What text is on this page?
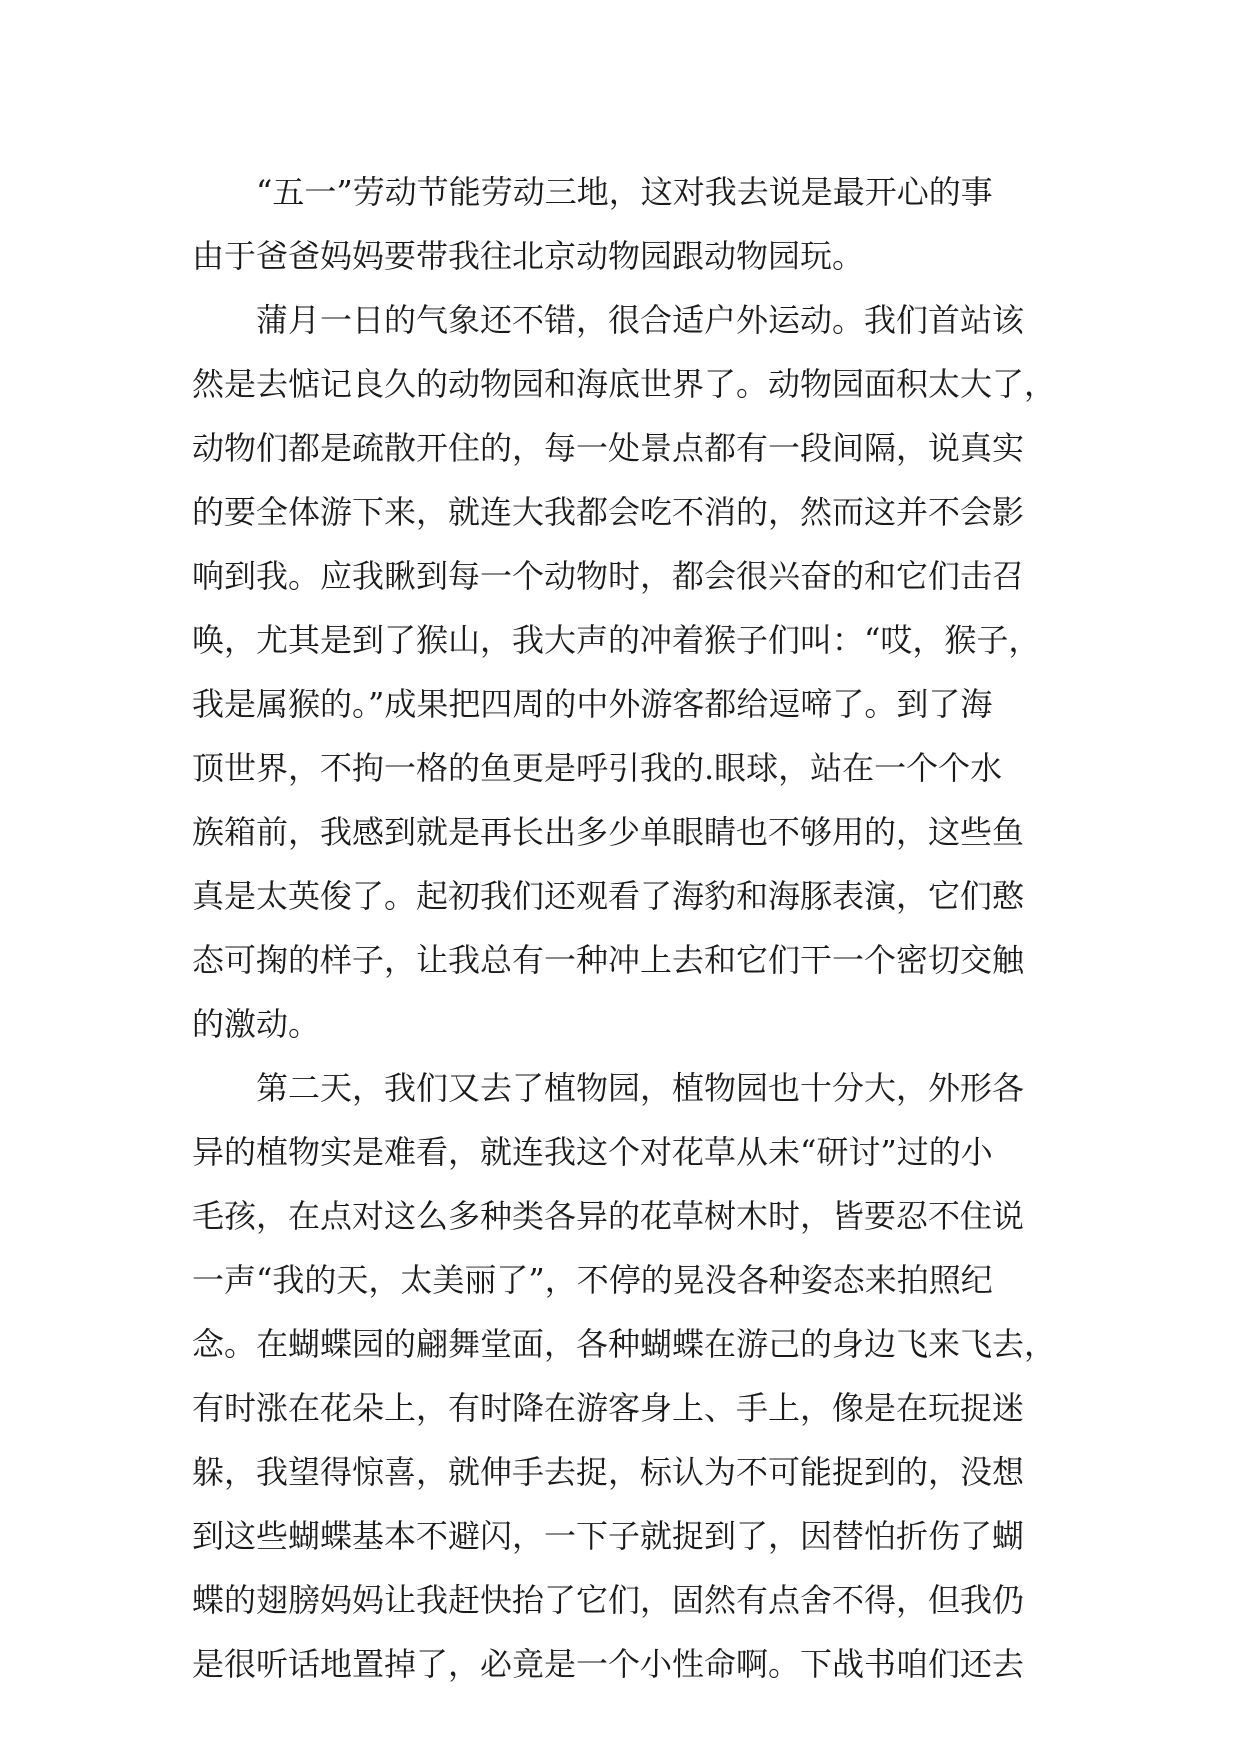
“五一”劳动节能劳动三地，这对我去说是最开心的事
由于爸爸妈妈要带我往北京动物园跟动物园玩。
蒲月一日的气象还不错，很合适户外运动。我们首站该
然是去惦记良久的动物园和海底世界了。动物园面积太大了，
动物们都是疏散开住的，每一处景点都有一段间隔，说真实
的要全体游下来，就连大我都会吃不消的，然而这并不会影
响到我。应我瞅到每一个动物时，都会很兴奋的和它们击召
唤，尤其是到了猴山，我大声的冲着猴子们叫：“哎，猴子，
我是属猴的。”成果把四周的中外游客都给逗啼了。到了海
顶世界，不拘一格的鱼更是呼引我的.眼球，站在一个个水
族箱前，我感到就是再长出多少单眼睛也不够用的，这些鱼
真是太英俊了。起初我们还观看了海豹和海豚表演，它们憨
态可掬的样子，让我总有一种冲上去和它们干一个密切交触
的激动。
第二天，我们又去了植物园，植物园也十分大，外形各
异的植物实是难看，就连我这个对花草从未“研讨”过的小
毛孩，在点对这么多种类各异的花草树木时，皆要忍不住说
一声“我的天，太美丽了”，不停的晃没各种姿态来拍照纪
念。在蝴蝶园的翩舞堂面，各种蝴蝶在游己的身边飞来飞去，
有时涨在花朵上，有时降在游客身上、手上，像是在玩捉迷
躲，我望得惊喜，就伸手去捉，标认为不可能捉到的，没想
到这些蝴蝶基本不避闪，一下子就捉到了，因替怕折伤了蝴
蝶的翅膀妈妈让我赶快抬了它们，固然有点舍不得，但我仍
是很听话地置掉了，必竟是一个小性命啊。下战书咱们还去
